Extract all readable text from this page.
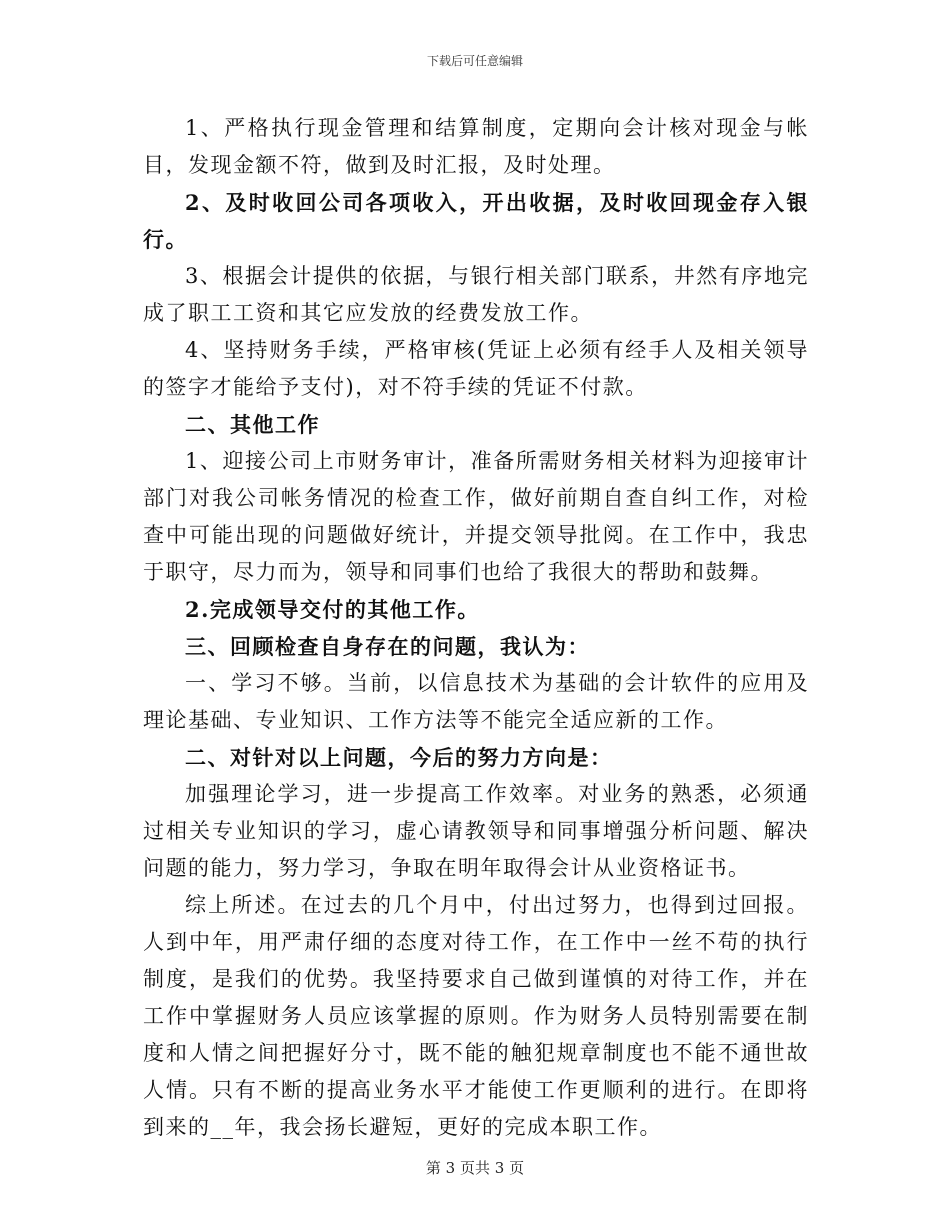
下载后可任意编辑

1、严格执行现金管理和结算制度，定期向会计核对现金与帐目，发现金额不符，做到及时汇报，及时处理。

2、及时收回公司各项收入，开出收据，及时收回现金存入银行。

3、根据会计提供的依据，与银行相关部门联系，井然有序地完成了职工工资和其它应发放的经费发放工作。

4、坚持财务手续，严格审核(凭证上必须有经手人及相关领导的签字才能给予支付)，对不符手续的凭证不付款。

二、其他工作

1、迎接公司上市财务审计，准备所需财务相关材料为迎接审计部门对我公司帐务情况的检查工作，做好前期自查自纠工作，对检查中可能出现的问题做好统计，并提交领导批阅。在工作中，我忠于职守，尽力而为，领导和同事们也给了我很大的帮助和鼓舞。

2.完成领导交付的其他工作。

三、回顾检查自身存在的问题，我认为：

一、学习不够。当前，以信息技术为基础的会计软件的应用及理论基础、专业知识、工作方法等不能完全适应新的工作。

二、对针对以上问题，今后的努力方向是：

加强理论学习，进一步提高工作效率。对业务的熟悉，必须通过相关专业知识的学习，虚心请教领导和同事增强分析问题、解决问题的能力，努力学习，争取在明年取得会计从业资格证书。

综上所述。在过去的几个月中，付出过努力，也得到过回报。人到中年，用严肃仔细的态度对待工作，在工作中一丝不苟的执行制度，是我们的优势。我坚持要求自己做到谨慎的对待工作，并在工作中掌握财务人员应该掌握的原则。作为财务人员特别需要在制度和人情之间把握好分寸，既不能的触犯规章制度也不能不通世故人情。只有不断的提高业务水平才能使工作更顺利的进行。在即将到来的__年，我会扬长避短，更好的完成本职工作。

第 3 页共 3 页
